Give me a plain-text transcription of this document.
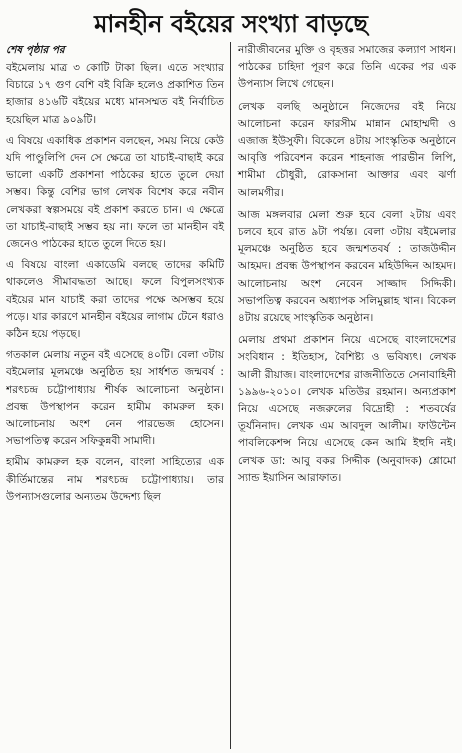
মানহীন বইয়ের সংখ্যা বাড়ছে
শেষ পৃষ্ঠার পর

বইমেলায় মাত্র ৩ কোটি টাকা ছিল। এতে সংখ্যার বিচারে ১৭ গুণ বেশি বই বিক্রি হলেও প্রকাশিত তিন হাজার ৪১৬টি বইয়ের মধ্যে মানসম্মত বই নির্বাচিত হয়েছিল মাত্র ৯০৯টি।

এ বিষয়ে একাধিক প্রকাশন বলছেন, সময় নিয়ে কেউ যদি পাণ্ডুলিপি দেন সে ক্ষেত্রে তা যাচাই-বাছাই করে ভালো একটি প্রকাশনা পাঠকের হাতে তুলে দেয়া সম্ভব। কিন্তু বেশির ভাগ লেখক বিশেষ করে নবীন লেখকরা স্বল্পসময়ে বই প্রকাশ করতে চান। এ ক্ষেত্রে তা যাচাই-বাছাই সম্ভব হয় না। ফলে তা মানহীন বই জেনেও পাঠকের হাতে তুলে দিতে হয়।

এ বিষয়ে বাংলা একাডেমি বলছে তাদের কমিটি থাকলেও সীমাবদ্ধতা আছে। ফলে বিপুলসংখ্যক বইয়ের মান যাচাই করা তাদের পক্ষে অসম্ভব হয়ে পড়ে। যার কারণে মানহীন বইয়ের লাগাম টেনে ধরাও কঠিন হয়ে পড়ছে।

গতকাল মেলায় নতুন বই এসেছে ৪০টি। বেলা ৩টায় বইমেলার মূলমঞ্চে অনুষ্ঠিত হয় সার্ধশত জন্মবর্ষ : শরৎচন্দ্র চট্টোপাধ্যায় শীর্ষক আলোচনা অনুষ্ঠান। প্রবন্ধ উপস্থাপন করেন হামীম কামরুল হক। আলোচনায় অংশ নেন পারভেজ হোসেন। সভাপতিত্ব করেন সফিকুন্নবী সামাদী।

হামীম কামরুল হক বলেন, বাংলা সাহিত্যের এক কীর্তিমান্তের নাম শরৎচন্দ্র চট্টোপাধ্যায়। তার উপন্যাসগুলোর অন্যতম উদ্দেশ্য ছিল

নারীজীবনের মুক্তি ও বৃহত্তর সমাজের কল্যাণ সাধন। পাঠকের চাহিদা পূরণ করে তিনি একের পর এক উপন্যাস লিখে গেছেন।

লেখক বলছি অনুষ্ঠানে নিজেদের বই নিয়ে আলোচনা করেন ফারসীম মান্নান মোহাম্মদী ও এজাজ ইউসুফী। বিকেলে ৪টায় সাংস্কৃতিক অনুষ্ঠানে আবৃত্তি পরিবেশন করেন শাহনাজ পারভীন লিপি, শামীমা চৌধুরী, রোকসানা আক্তার এবং ঝর্ণা আলমগীর।

আজ মঙ্গলবার মেলা শুরু হবে বেলা ২টায় এবং চলবে হবে রাত ৯টা পর্যন্ত। বেলা ৩টায় বইমেলার মূলমঞ্চে অনুষ্ঠিত হবে জন্মশতবর্ষ : তাজউদ্দীন আহমদ। প্রবন্ধ উপস্থাপন করবেন মহিউদ্দিন আহমদ। আলোচনায় অংশ নেবেন সাজ্জাদ সিদ্দিকী। সভাপতিত্ব করবেন অধ্যাপক সলিমুল্লাহ খান। বিকেল ৪টায় রয়েছে সাংস্কৃতিক অনুষ্ঠান।

মেলায় প্রথমা প্রকাশন নিয়ে এসেছে বাংলাদেশের সংবিধান : ইতিহাস, বৈশিষ্ট্য ও ভবিষ্যৎ। লেখক আলী রীয়াজ। বাংলাদেশের রাজনীতিতে সেনাবাহিনী ১৯৯৬-২০১০। লেখক মতিউর রহমান। অন্যপ্রকাশ নিয়ে এসেছে নজরুলের বিদ্রোহী : শতবর্ষের তূর্যনিনাদ। লেখক এম আবদুল আলীম। ফাউন্টেন পাবলিকেশন্স নিয়ে এসেছে কেন আমি ইহুদি নই। লেখক ডা: আবু বকর সিদ্দীক (অনুবাদক) শ্লোমো স্যান্ড ইয়াসিন আরাফাত।
